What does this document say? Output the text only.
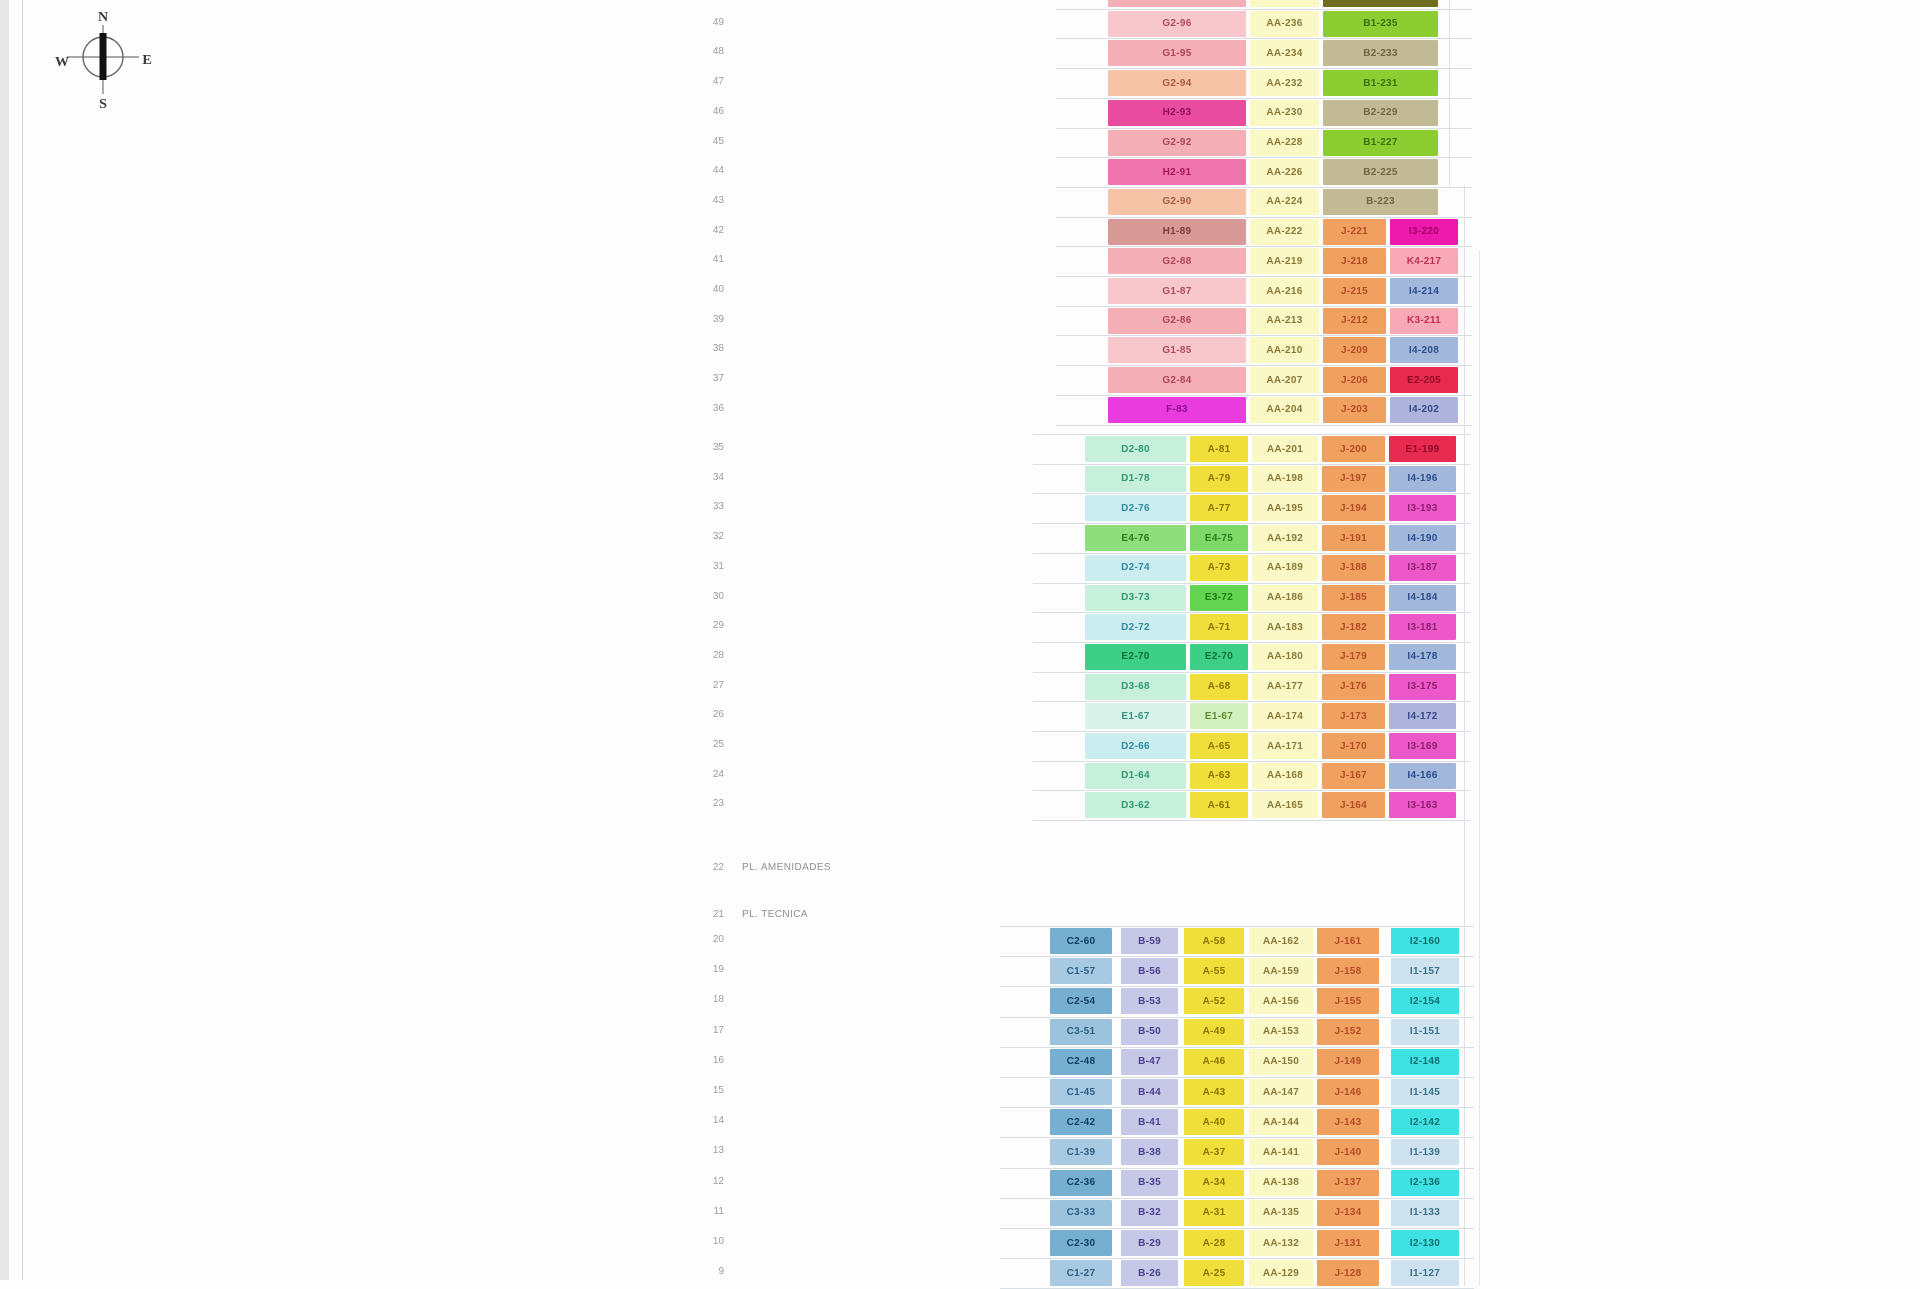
N
S
W	E
G2-96	AA-236	B1-235
49
G1-95	AA-234	B2-233
48
G2-94	AA-232	B1-231
47
H2-93	AA-230	B2-229
46
G2-92	AA-228	B1-227
45
H2-91	AA-226	B2-225
44
G2-90	AA-224	B-223
43
H1-89	AA-222	J-221	I3-220
42
G2-88	AA-219	J-218	K4-217
41
G1-87	AA-216	J-215	I4-214
40
G2-86	AA-213	J-212	K3-211
39
G1-85	AA-210	J-209	I4-208
38
G2-84	AA-207	J-206	E2-205
37
F-83	AA-204	J-203	I4-202
36
D2-80	A-81	AA-201	J-200	E1-199
35
D1-78	A-79	AA-198	J-197	I4-196
34
D2-76	A-77	AA-195	J-194	I3-193
33
E4-76	E4-75	AA-192	J-191	I4-190
32
D2-74	A-73	AA-189	J-188	I3-187
31
D3-73	E3-72	AA-186	J-185	I4-184
30
D2-72	A-71	AA-183	J-182	I3-181
29
E2-70	E2-70	AA-180	J-179	I4-178
28
D3-68	A-68	AA-177	J-176	I3-175
27
E1-67	E1-67	AA-174	J-173	I4-172
26
D2-66	A-65	AA-171	J-170	I3-169
25
D1-64	A-63	AA-168	J-167	I4-166
24
D3-62	A-61	AA-165	J-164	I3-163
23
C2-60	B-59	A-58	AA-162	J-161	I2-160
20
C1-57	B-56	A-55	AA-159	J-158	I1-157
19
C2-54	B-53	A-52	AA-156	J-155	I2-154
18
C3-51	B-50	A-49	AA-153	J-152	I1-151
17
C2-48	B-47	A-46	AA-150	J-149	I2-148
16
C1-45	B-44	A-43	AA-147	J-146	I1-145
15
C2-42	B-41	A-40	AA-144	J-143	I2-142
14
C1-39	B-38	A-37	AA-141	J-140	I1-139
13
C2-36	B-35	A-34	AA-138	J-137	I2-136
12
C3-33	B-32	A-31	AA-135	J-134	I1-133
11
C2-30	B-29	A-28	AA-132	J-131	I2-130
10
C1-27	B-26	A-25	AA-129	J-128	I1-127
9
22 PL. AMENIDADES
21 PL. TECNICA
